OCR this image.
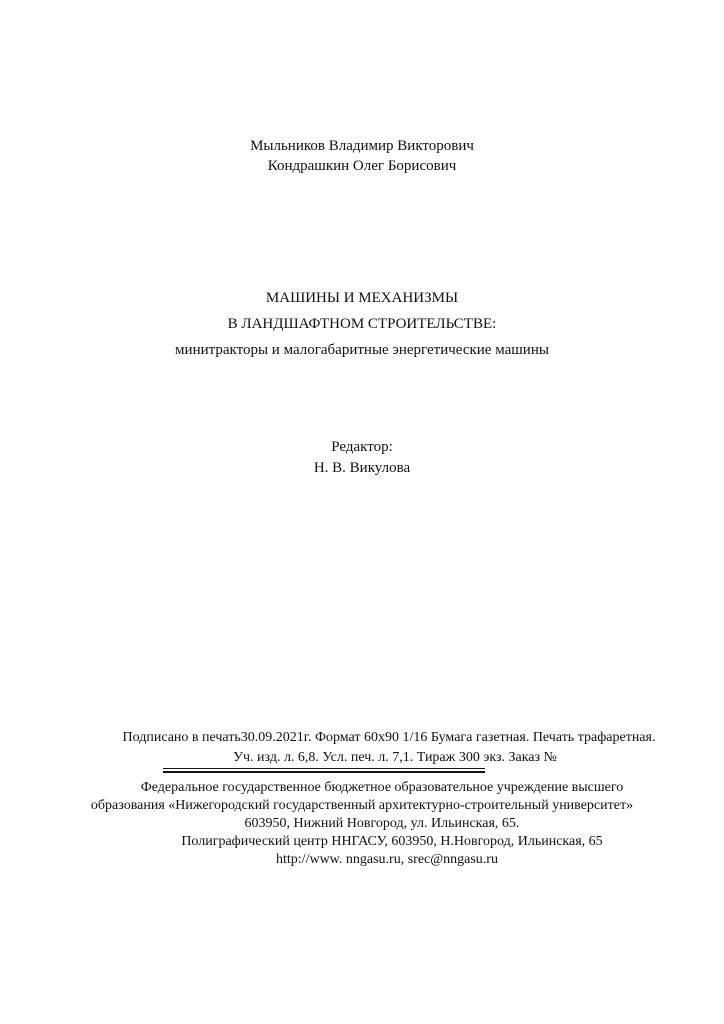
Мыльников Владимир Викторович
Кондрашкин Олег Борисович
МАШИНЫ И МЕХАНИЗМЫ
В ЛАНДШАФТНОМ СТРОИТЕЛЬСТВЕ:
минитракторы и малогабаритные энергетические машины
Редактор:
Н. В. Викулова
Подписано в печать30.09.2021г. Формат 60х90 1/16 Бумага газетная. Печать трафаретная.
Уч. изд. л. 6,8. Усл. печ. л. 7,1. Тираж 300 экз. Заказ №
Федеральное государственное бюджетное образовательное учреждение высшего
образования «Нижегородский государственный архитектурно-строительный университет»
603950, Нижний Новгород, ул. Ильинская, 65.
Полиграфический центр ННГАСУ, 603950, Н.Новгород, Ильинская, 65
http://www. nngasu.ru, srec@nngasu.ru
